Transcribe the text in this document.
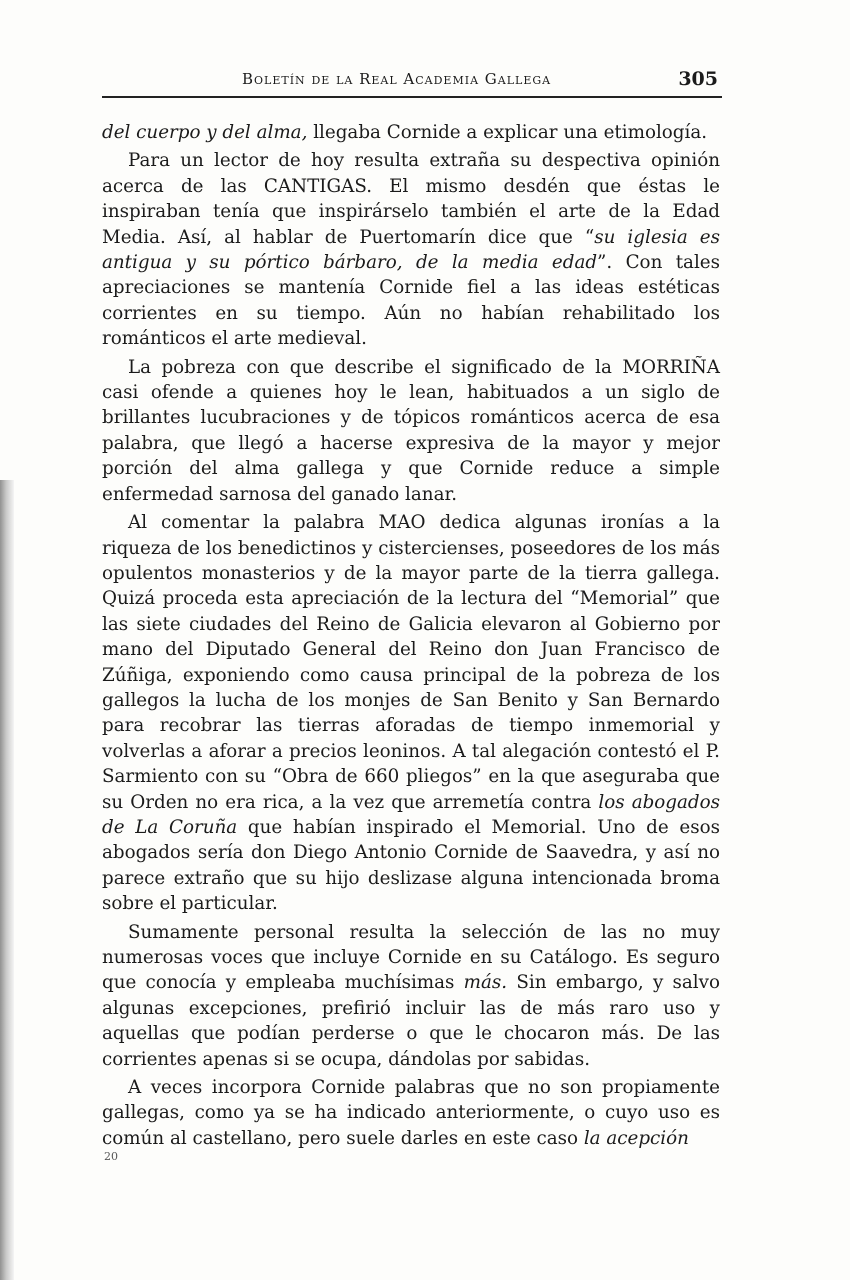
Boletín de la Real Academia Gallega	305

del cuerpo y del alma, llegaba Cornide a explicar una etimología.

Para un lector de hoy resulta extraña su despectiva opinión acerca de las CANTIGAS. El mismo desdén que éstas le inspiraban tenía que inspirárselo también el arte de la Edad Media. Así, al hablar de Puertomarín dice que “su iglesia es antigua y su pórtico bárbaro, de la media edad”. Con tales apreciaciones se mantenía Cornide fiel a las ideas estéticas corrientes en su tiempo. Aún no habían rehabilitado los románticos el arte medieval.

La pobreza con que describe el significado de la MORRIÑA casi ofende a quienes hoy le lean, habituados a un siglo de brillantes lucubraciones y de tópicos románticos acerca de esa palabra, que llegó a hacerse expresiva de la mayor y mejor porción del alma gallega y que Cornide reduce a simple enfermedad sarnosa del ganado lanar.

Al comentar la palabra MAO dedica algunas ironías a la riqueza de los benedictinos y cistercienses, poseedores de los más opulentos monasterios y de la mayor parte de la tierra gallega. Quizá proceda esta apreciación de la lectura del “Memorial” que las siete ciudades del Reino de Galicia elevaron al Gobierno por mano del Diputado General del Reino don Juan Francisco de Zúñiga, exponiendo como causa principal de la pobreza de los gallegos la lucha de los monjes de San Benito y San Bernardo para recobrar las tierras aforadas de tiempo inmemorial y volverlas a aforar a precios leoninos. A tal alegación contestó el P. Sarmiento con su “Obra de 660 pliegos” en la que aseguraba que su Orden no era rica, a la vez que arremetía contra los abogados de La Coruña que habían inspirado el Memorial. Uno de esos abogados sería don Diego Antonio Cornide de Saavedra, y así no parece extraño que su hijo deslizase alguna intencionada broma sobre el particular.

Sumamente personal resulta la selección de las no muy numerosas voces que incluye Cornide en su Catálogo. Es seguro que conocía y empleaba muchísimas más. Sin embargo, y salvo algunas excepciones, prefirió incluir las de más raro uso y aquellas que podían perderse o que le chocaron más. De las corrientes apenas si se ocupa, dándolas por sabidas.

A veces incorpora Cornide palabras que no son propiamente gallegas, como ya se ha indicado anteriormente, o cuyo uso es común al castellano, pero suele darles en este caso la acepción

20
